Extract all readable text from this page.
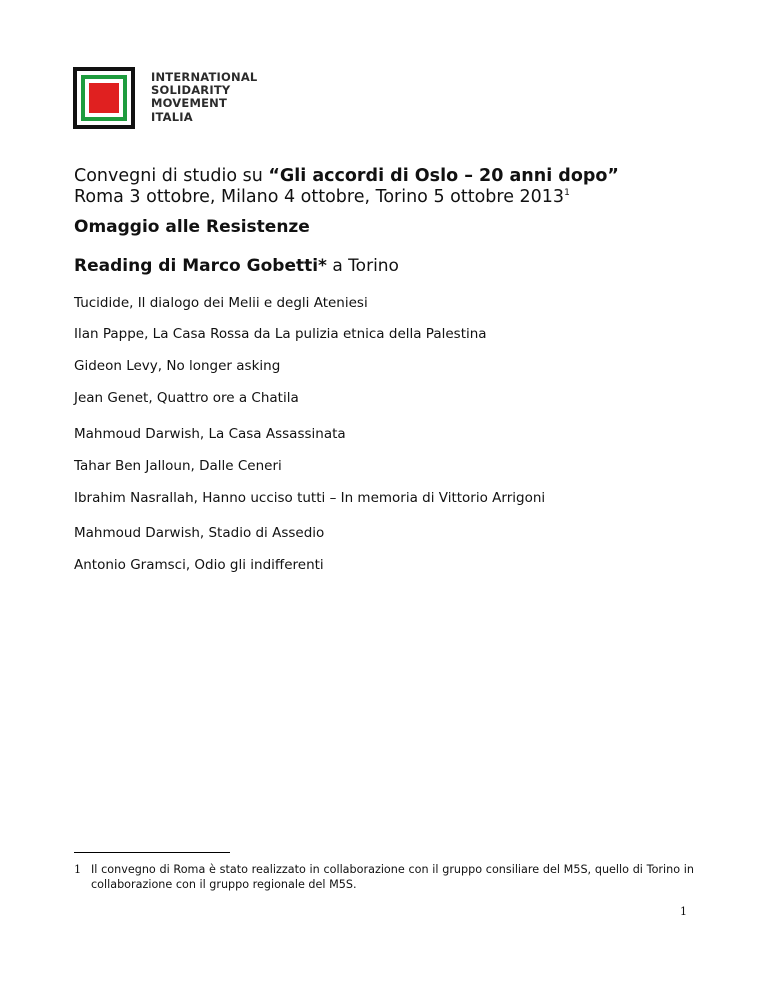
INTERNATIONAL
SOLIDARITY
MOVEMENT
ITALIA
Convegni di studio su “Gli accordi di Oslo – 20 anni dopo”
Roma 3 ottobre, Milano 4 ottobre, Torino 5 ottobre 2013$^1$
Omaggio alle Resistenze
Reading di Marco Gobetti* a Torino
Tucidide, Il dialogo dei Melii e degli Ateniesi
Ilan Pappe, La Casa Rossa da La pulizia etnica della Palestina
Gideon Levy, No longer asking
Jean Genet, Quattro ore a Chatila
Mahmoud Darwish, La Casa Assassinata
Tahar Ben Jalloun, Dalle Ceneri
Ibrahim Nasrallah, Hanno ucciso tutti – In memoria di Vittorio Arrigoni
Mahmoud Darwish, Stadio di Assedio
Antonio Gramsci, Odio gli indifferenti
1 Il convegno di Roma è stato realizzato in collaborazione con il gruppo consiliare del M5S, quello di Torino in collaborazione con il gruppo regionale del M5S.
1
